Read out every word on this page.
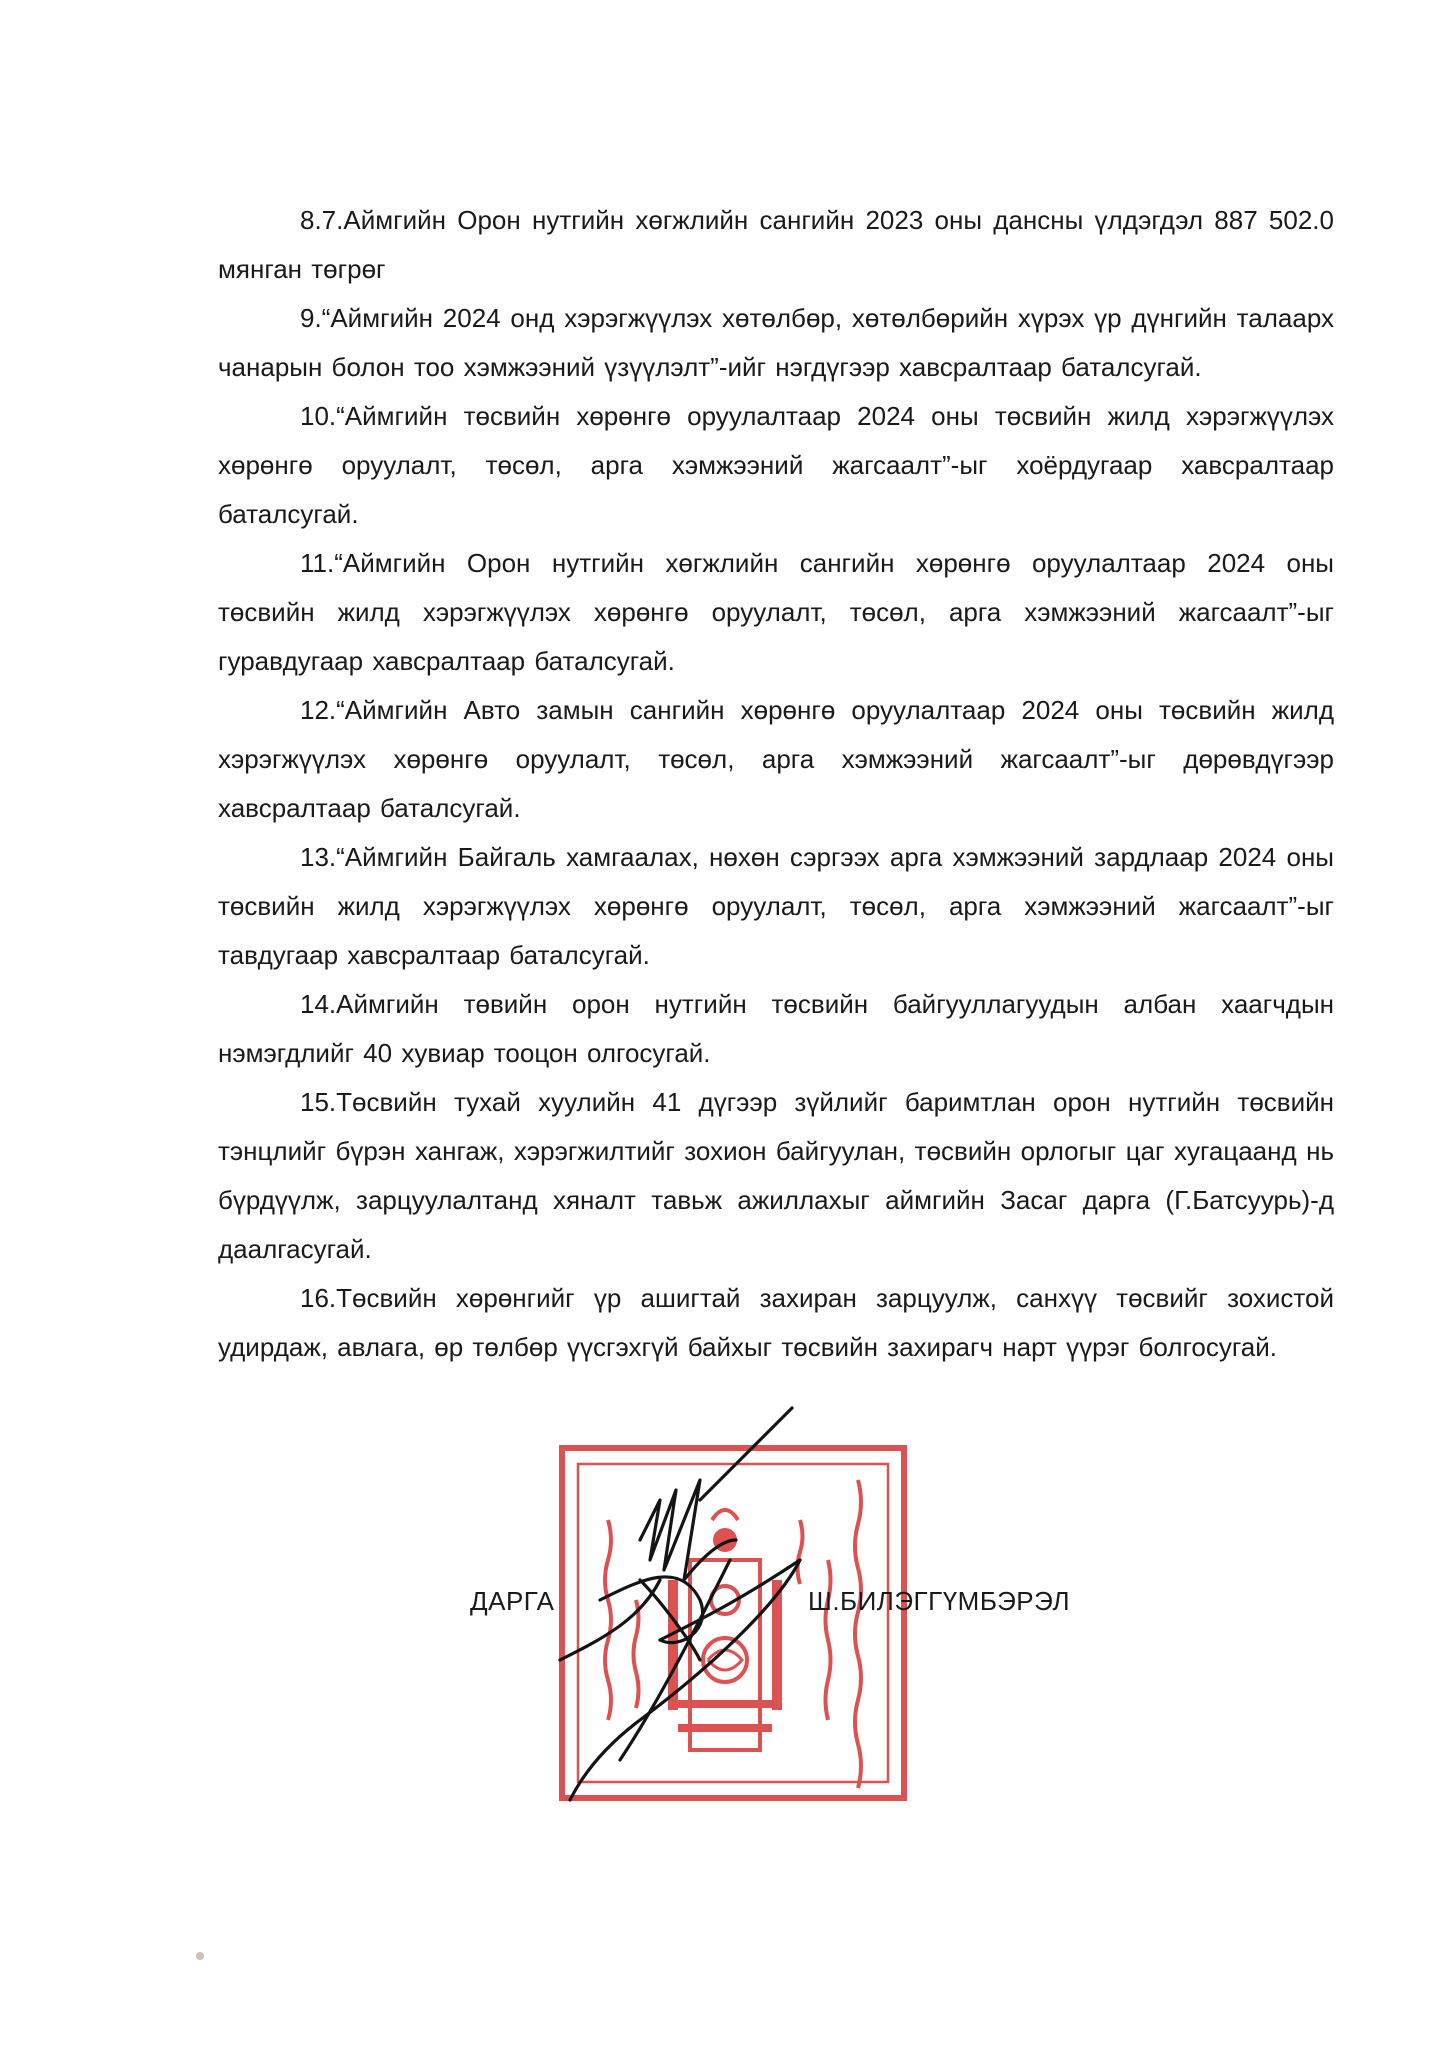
8.7.Аймгийн Орон нутгийн хөгжлийн сангийн 2023 оны дансны үлдэгдэл 887 502.0 мянган төгрөг

9.“Аймгийн 2024 онд хэрэгжүүлэх хөтөлбөр, хөтөлбөрийн хүрэх үр дүнгийн талаарх чанарын болон тоо хэмжээний үзүүлэлт”-ийг нэгдүгээр хавсралтаар баталсугай.

10.“Аймгийн төсвийн хөрөнгө оруулалтаар 2024 оны төсвийн жилд хэрэгжүүлэх хөрөнгө оруулалт, төсөл, арга хэмжээний жагсаалт”-ыг хоёрдугаар хавсралтаар баталсугай.

11.“Аймгийн Орон нутгийн хөгжлийн сангийн хөрөнгө оруулалтаар 2024 оны төсвийн жилд хэрэгжүүлэх хөрөнгө оруулалт, төсөл, арга хэмжээний жагсаалт”-ыг гуравдугаар хавсралтаар баталсугай.

12.“Аймгийн Авто замын сангийн хөрөнгө оруулалтаар 2024 оны төсвийн жилд хэрэгжүүлэх хөрөнгө оруулалт, төсөл, арга хэмжээний жагсаалт”-ыг дөрөвдүгээр хавсралтаар баталсугай.

13.“Аймгийн Байгаль хамгаалах, нөхөн сэргээх арга хэмжээний зардлаар 2024 оны төсвийн жилд хэрэгжүүлэх хөрөнгө оруулалт, төсөл, арга хэмжээний жагсаалт”-ыг тавдугаар хавсралтаар баталсугай.

14.Аймгийн төвийн орон нутгийн төсвийн байгууллагуудын албан хаагчдын нэмэгдлийг 40 хувиар тооцон олгосугай.

15.Төсвийн тухай хуулийн 41 дүгээр зүйлийг баримтлан орон нутгийн төсвийн тэнцлийг бүрэн хангаж, хэрэгжилтийг зохион байгуулан, төсвийн орлогыг цаг хугацаанд нь бүрдүүлж, зарцуулалтанд хяналт тавьж ажиллахыг аймгийн Засаг дарга (Г.Батсуурь)-д даалгасугай.

16.Төсвийн хөрөнгийг үр ашигтай захиран зарцуулж, санхүү төсвийг зохистой удирдаж, авлага, өр төлбөр үүсгэхгүй байхыг төсвийн захирагч нарт үүрэг болгосугай.

ДАРГА	Ш.БИЛЭГГҮМБЭРЭЛ
